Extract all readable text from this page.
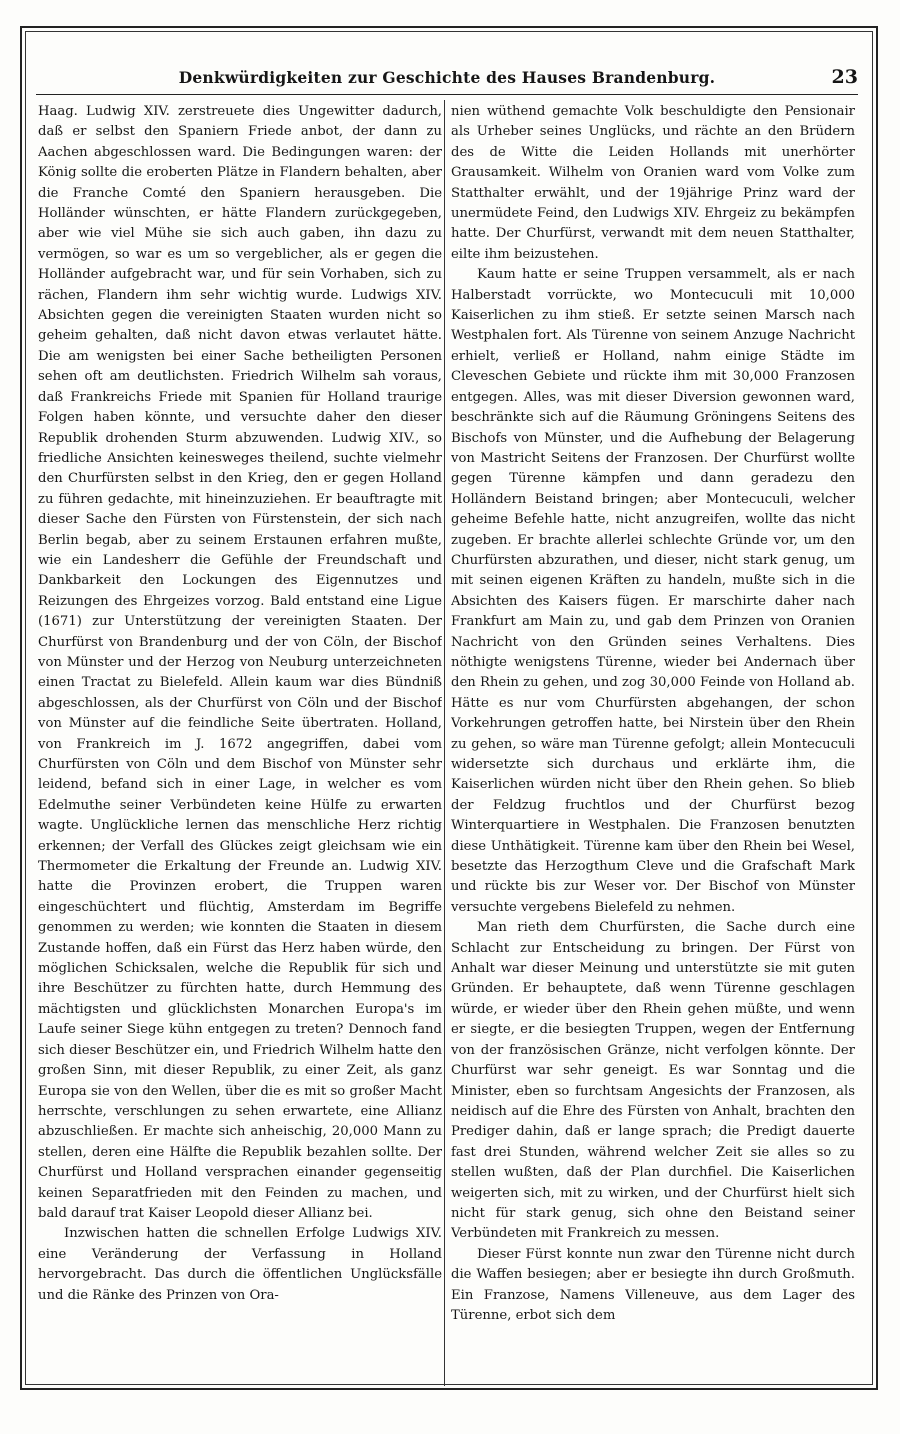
Denkwürdigkeiten zur Geschichte des Hauses Brandenburg.	23

Haag. Ludwig XIV. zerstreuete dies Ungewitter dadurch, daß er selbst den Spaniern Friede anbot, der dann zu Aachen abgeschlossen ward. Die Bedingungen waren: der König sollte die eroberten Plätze in Flandern behalten, aber die Franche Comté den Spaniern herausgeben. Die Holländer wünschten, er hätte Flandern zurückgegeben, aber wie viel Mühe sie sich auch gaben, ihn dazu zu vermögen, so war es um so vergeblicher, als er gegen die Holländer aufgebracht war, und für sein Vorhaben, sich zu rächen, Flandern ihm sehr wichtig wurde. Ludwigs XIV. Absichten gegen die vereinigten Staaten wurden nicht so geheim gehalten, daß nicht davon etwas verlautet hätte. Die am wenigsten bei einer Sache betheiligten Personen sehen oft am deutlichsten. Friedrich Wilhelm sah voraus, daß Frankreichs Friede mit Spanien für Holland traurige Folgen haben könnte, und versuchte daher den dieser Republik drohenden Sturm abzuwenden. Ludwig XIV., so friedliche Ansichten keinesweges theilend, suchte vielmehr den Churfürsten selbst in den Krieg, den er gegen Holland zu führen gedachte, mit hineinzuziehen. Er beauftragte mit dieser Sache den Fürsten von Fürstenstein, der sich nach Berlin begab, aber zu seinem Erstaunen erfahren mußte, wie ein Landesherr die Gefühle der Freundschaft und Dankbarkeit den Lockungen des Eigennutzes und Reizungen des Ehrgeizes vorzog. Bald entstand eine Ligue (1671) zur Unterstützung der vereinigten Staaten. Der Churfürst von Brandenburg und der von Cöln, der Bischof von Münster und der Herzog von Neuburg unterzeichneten einen Tractat zu Bielefeld. Allein kaum war dies Bündniß abgeschlossen, als der Churfürst von Cöln und der Bischof von Münster auf die feindliche Seite übertraten. Holland, von Frankreich im J. 1672 angegriffen, dabei vom Churfürsten von Cöln und dem Bischof von Münster sehr leidend, befand sich in einer Lage, in welcher es vom Edelmuthe seiner Verbündeten keine Hülfe zu erwarten wagte. Unglückliche lernen das menschliche Herz richtig erkennen; der Verfall des Glückes zeigt gleichsam wie ein Thermometer die Erkaltung der Freunde an. Ludwig XIV. hatte die Provinzen erobert, die Truppen waren eingeschüchtert und flüchtig, Amsterdam im Begriffe genommen zu werden; wie konnten die Staaten in diesem Zustande hoffen, daß ein Fürst das Herz haben würde, den möglichen Schicksalen, welche die Republik für sich und ihre Beschützer zu fürchten hatte, durch Hemmung des mächtigsten und glücklichsten Monarchen Europa's im Laufe seiner Siege kühn entgegen zu treten? Dennoch fand sich dieser Beschützer ein, und Friedrich Wilhelm hatte den großen Sinn, mit dieser Republik, zu einer Zeit, als ganz Europa sie von den Wellen, über die es mit so großer Macht herrschte, verschlungen zu sehen erwartete, eine Allianz abzuschließen. Er machte sich anheischig, 20,000 Mann zu stellen, deren eine Hälfte die Republik bezahlen sollte. Der Churfürst und Holland versprachen einander gegenseitig keinen Separatfrieden mit den Feinden zu machen, und bald darauf trat Kaiser Leopold dieser Allianz bei.

Inzwischen hatten die schnellen Erfolge Ludwigs XIV. eine Veränderung der Verfassung in Holland hervorgebracht. Das durch die öffentlichen Unglücksfälle und die Ränke des Prinzen von Ora-

nien wüthend gemachte Volk beschuldigte den Pensionair als Urheber seines Unglücks, und rächte an den Brüdern des de Witte die Leiden Hollands mit unerhörter Grausamkeit. Wilhelm von Oranien ward vom Volke zum Statthalter erwählt, und der 19jährige Prinz ward der unermüdete Feind, den Ludwigs XIV. Ehrgeiz zu bekämpfen hatte. Der Churfürst, verwandt mit dem neuen Statthalter, eilte ihm beizustehen.

Kaum hatte er seine Truppen versammelt, als er nach Halberstadt vorrückte, wo Montecuculi mit 10,000 Kaiserlichen zu ihm stieß. Er setzte seinen Marsch nach Westphalen fort. Als Türenne von seinem Anzuge Nachricht erhielt, verließ er Holland, nahm einige Städte im Cleveschen Gebiete und rückte ihm mit 30,000 Franzosen entgegen. Alles, was mit dieser Diversion gewonnen ward, beschränkte sich auf die Räumung Gröningens Seitens des Bischofs von Münster, und die Aufhebung der Belagerung von Mastricht Seitens der Franzosen. Der Churfürst wollte gegen Türenne kämpfen und dann geradezu den Holländern Beistand bringen; aber Montecuculi, welcher geheime Befehle hatte, nicht anzugreifen, wollte das nicht zugeben. Er brachte allerlei schlechte Gründe vor, um den Churfürsten abzurathen, und dieser, nicht stark genug, um mit seinen eigenen Kräften zu handeln, mußte sich in die Absichten des Kaisers fügen. Er marschirte daher nach Frankfurt am Main zu, und gab dem Prinzen von Oranien Nachricht von den Gründen seines Verhaltens. Dies nöthigte wenigstens Türenne, wieder bei Andernach über den Rhein zu gehen, und zog 30,000 Feinde von Holland ab. Hätte es nur vom Churfürsten abgehangen, der schon Vorkehrungen getroffen hatte, bei Nirstein über den Rhein zu gehen, so wäre man Türenne gefolgt; allein Montecuculi widersetzte sich durchaus und erklärte ihm, die Kaiserlichen würden nicht über den Rhein gehen. So blieb der Feldzug fruchtlos und der Churfürst bezog Winterquartiere in Westphalen. Die Franzosen benutzten diese Unthätigkeit. Türenne kam über den Rhein bei Wesel, besetzte das Herzogthum Cleve und die Grafschaft Mark und rückte bis zur Weser vor. Der Bischof von Münster versuchte vergebens Bielefeld zu nehmen.

Man rieth dem Churfürsten, die Sache durch eine Schlacht zur Entscheidung zu bringen. Der Fürst von Anhalt war dieser Meinung und unterstützte sie mit guten Gründen. Er behauptete, daß wenn Türenne geschlagen würde, er wieder über den Rhein gehen müßte, und wenn er siegte, er die besiegten Truppen, wegen der Entfernung von der französischen Gränze, nicht verfolgen könnte. Der Churfürst war sehr geneigt. Es war Sonntag und die Minister, eben so furchtsam Angesichts der Franzosen, als neidisch auf die Ehre des Fürsten von Anhalt, brachten den Prediger dahin, daß er lange sprach; die Predigt dauerte fast drei Stunden, während welcher Zeit sie alles so zu stellen wußten, daß der Plan durchfiel. Die Kaiserlichen weigerten sich, mit zu wirken, und der Churfürst hielt sich nicht für stark genug, sich ohne den Beistand seiner Verbündeten mit Frankreich zu messen.

Dieser Fürst konnte nun zwar den Türenne nicht durch die Waffen besiegen; aber er besiegte ihn durch Großmuth. Ein Franzose, Namens Villeneuve, aus dem Lager des Türenne, erbot sich dem
